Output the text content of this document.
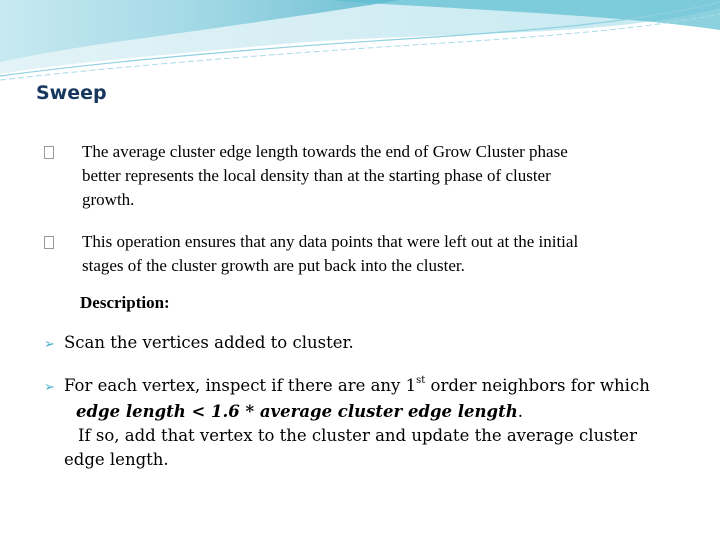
Sweep
The average cluster edge length towards the end of Grow Cluster phase
better represents the local density than at the starting phase of cluster
growth.
This operation ensures that any data points that were left out at the initial
stages of the cluster growth are put back into the cluster.
Description:
➢ Scan the vertices added to cluster.
➢ For each vertex, inspect if there are any 1st order neighbors for which
edge length < 1.6 * average cluster edge length.
If so, add that vertex to the cluster and update the average cluster
edge length.
